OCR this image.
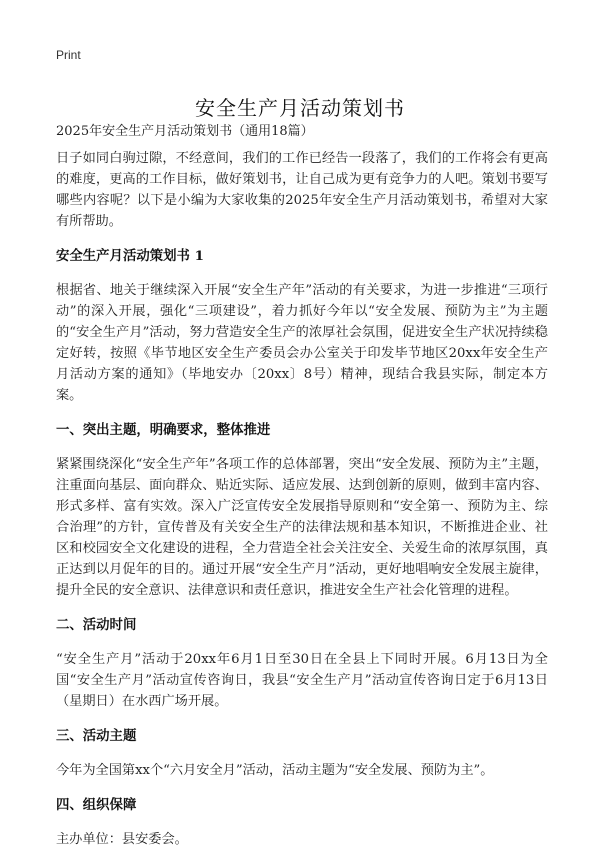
Print
安全生产月活动策划书
2025年安全生产月活动策划书（通用18篇）

日子如同白驹过隙，不经意间，我们的工作已经告一段落了，我们的工作将会有更高的难度，更高的工作目标，做好策划书，让自己成为更有竞争力的人吧。策划书要写哪些内容呢？以下是小编为大家收集的2025年安全生产月活动策划书，希望对大家有所帮助。

安全生产月活动策划书 1

根据省、地关于继续深入开展“安全生产年”活动的有关要求，为进一步推进“三项行动”的深入开展，强化“三项建设”，着力抓好今年以“安全发展、预防为主”为主题的“安全生产月”活动，努力营造安全生产的浓厚社会氛围，促进安全生产状况持续稳定好转，按照《毕节地区安全生产委员会办公室关于印发毕节地区20xx年安全生产月活动方案的通知》（毕地安办〔20xx〕8号）精神，现结合我县实际，制定本方案。

一、突出主题，明确要求，整体推进

紧紧围绕深化“安全生产年”各项工作的总体部署，突出“安全发展、预防为主”主题，注重面向基层、面向群众、贴近实际、适应发展、达到创新的原则，做到丰富内容、形式多样、富有实效。深入广泛宣传安全发展指导原则和“安全第一、预防为主、综合治理”的方针，宣传普及有关安全生产的法律法规和基本知识，不断推进企业、社区和校园安全文化建设的进程，全力营造全社会关注安全、关爱生命的浓厚氛围，真正达到以月促年的目的。通过开展“安全生产月”活动，更好地唱响安全发展主旋律，提升全民的安全意识、法律意识和责任意识，推进安全生产社会化管理的进程。

二、活动时间

“安全生产月”活动于20xx年6月1日至30日在全县上下同时开展。6月13日为全国“安全生产月”活动宣传咨询日，我县“安全生产月”活动宣传咨询日定于6月13日（星期日）在水西广场开展。

三、活动主题

今年为全国第xx个“六月安全月”活动，活动主题为“安全发展、预防为主”。

四、组织保障

主办单位：县安委会。
